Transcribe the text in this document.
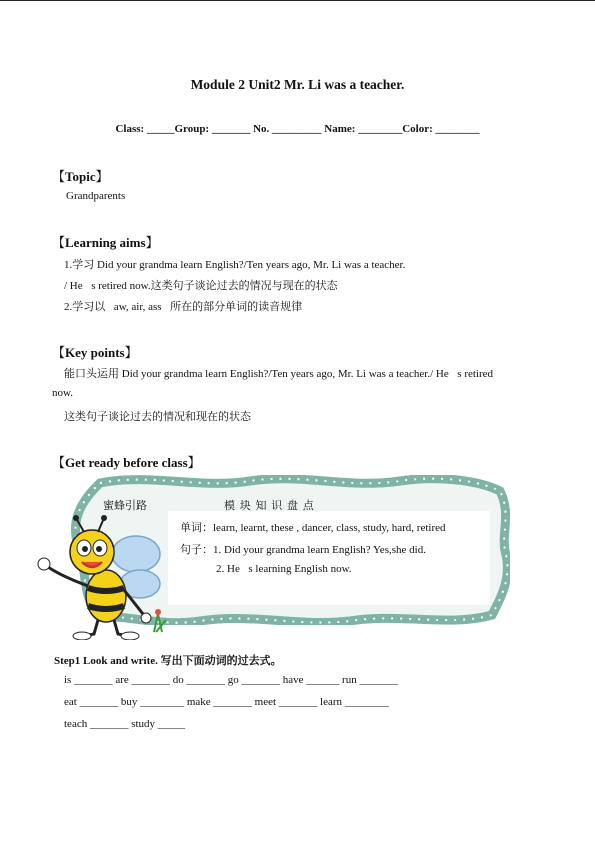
Module 2 Unit2 Mr. Li was a teacher.
Class: _____Group: _______ No. _________ Name: ________Color: ________
【Topic】
Grandparents
【Learning aims】
1.学习 Did your grandma learn English?/Ten years ago, Mr. Li was a teacher.
/ He s retired now.这类句子谈论过去的情况与现在的状态
2.学习以 aw, air, ass 所在的部分单词的读音规律
【Key points】
能口头运用 Did your grandma learn English?/Ten years ago, Mr. Li was a teacher./ He s retired
now.
这类句子谈论过去的情况和现在的状态
【Get ready before class】
蜜蜂引路	模 块 知 识 盘 点
单词：learn, learnt, these , dancer, class, study, hard, retired
句子：1. Did your grandma learn English? Yes,she did.
2. He s learning English now.
Step1 Look and write. 写出下面动词的过去式。
is _______ are _______ do _______ go _______ have ______ run _______
eat _______ buy ________ make _______ meet _______ learn ________
teach _______ study _____
